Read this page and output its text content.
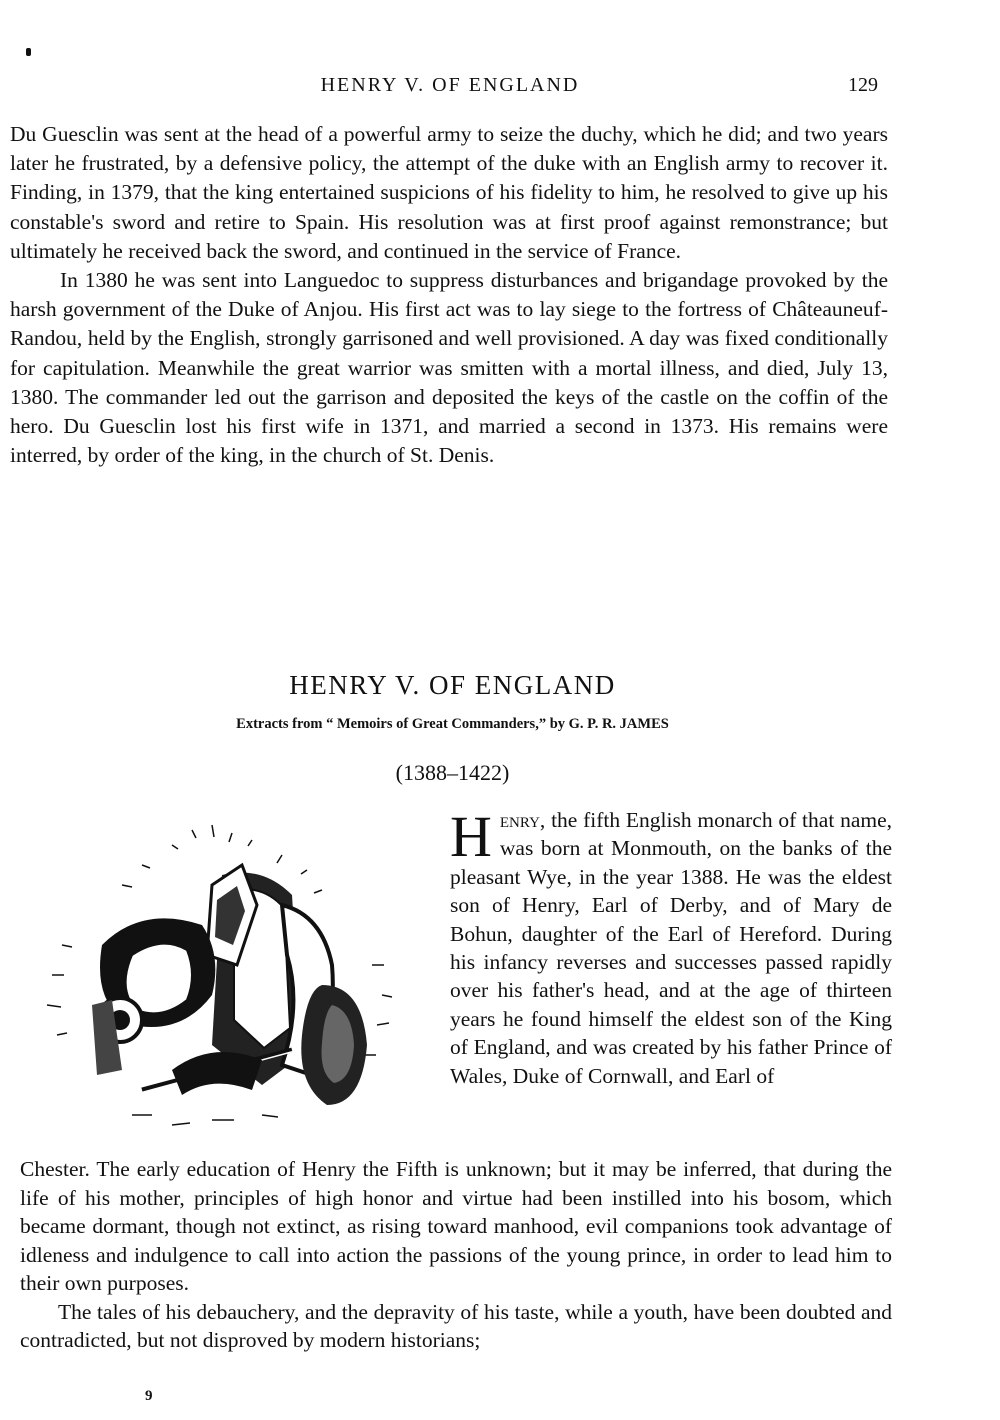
HENRY V. OF ENGLAND	129

Du Guesclin was sent at the head of a powerful army to seize the duchy, which he did; and two years later he frustrated, by a defensive policy, the attempt of the duke with an English army to recover it. Finding, in 1379, that the king entertained suspicions of his fidelity to him, he resolved to give up his constable's sword and retire to Spain. His resolution was at first proof against remonstrance; but ultimately he received back the sword, and continued in the service of France.

In 1380 he was sent into Languedoc to suppress disturbances and brigandage provoked by the harsh government of the Duke of Anjou. His first act was to lay siege to the fortress of Châteauneuf-Randou, held by the English, strongly garrisoned and well provisioned. A day was fixed conditionally for capitulation. Meanwhile the great warrior was smitten with a mortal illness, and died, July 13, 1380. The commander led out the garrison and deposited the keys of the castle on the coffin of the hero. Du Guesclin lost his first wife in 1371, and married a second in 1373. His remains were interred, by order of the king, in the church of St. Denis.

HENRY V. OF ENGLAND
Extracts from “ Memoirs of Great Commanders,” by G. P. R. JAMES
(1388–1422)
Henry, the fifth English monarch of that name, was born at Monmouth, on the banks of the pleasant Wye, in the year 1388. He was the eldest son of Henry, Earl of Derby, and of Mary de Bohun, daughter of the Earl of Hereford. During his infancy reverses and successes passed rapidly over his father's head, and at the age of thirteen years he found himself the eldest son of the King of England, and was created by his father Prince of Wales, Duke of Cornwall, and Earl of

Chester. The early education of Henry the Fifth is unknown; but it may be inferred, that during the life of his mother, principles of high honor and virtue had been instilled into his bosom, which became dormant, though not extinct, as rising toward manhood, evil companions took advantage of idleness and indulgence to call into action the passions of the young prince, in order to lead him to their own purposes.

The tales of his debauchery, and the depravity of his taste, while a youth, have been doubted and contradicted, but not disproved by modern historians;

9
